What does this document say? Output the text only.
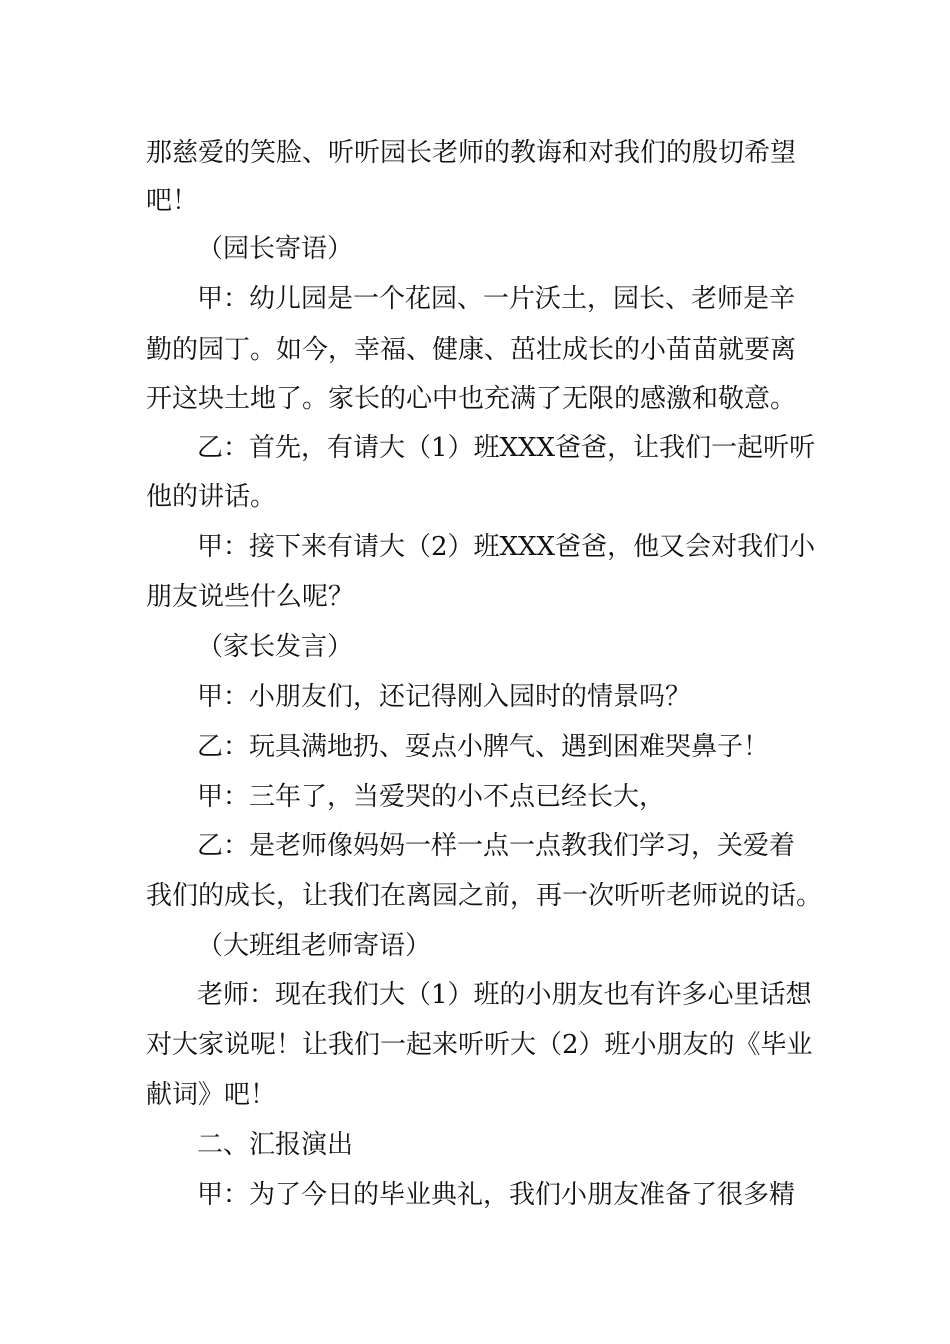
那慈爱的笑脸、听听园长老师的教诲和对我们的殷切希望
吧！
（园长寄语）
甲：幼儿园是一个花园、一片沃土，园长、老师是辛
勤的园丁。如今，幸福、健康、茁壮成长的小苗苗就要离
开这块土地了。家长的心中也充满了无限的感激和敬意。
乙：首先，有请大（1）班XXX爸爸，让我们一起听听
他的讲话。
甲：接下来有请大（2）班XXX爸爸，他又会对我们小
朋友说些什么呢？
（家长发言）
甲：小朋友们，还记得刚入园时的情景吗？
乙：玩具满地扔、耍点小脾气、遇到困难哭鼻子！
甲：三年了，当爱哭的小不点已经长大，
乙：是老师像妈妈一样一点一点教我们学习，关爱着
我们的成长，让我们在离园之前，再一次听听老师说的话。
（大班组老师寄语）
老师：现在我们大（1）班的小朋友也有许多心里话想
对大家说呢！让我们一起来听听大（2）班小朋友的《毕业
献词》吧！
二、汇报演出
甲：为了今日的毕业典礼，我们小朋友准备了很多精
